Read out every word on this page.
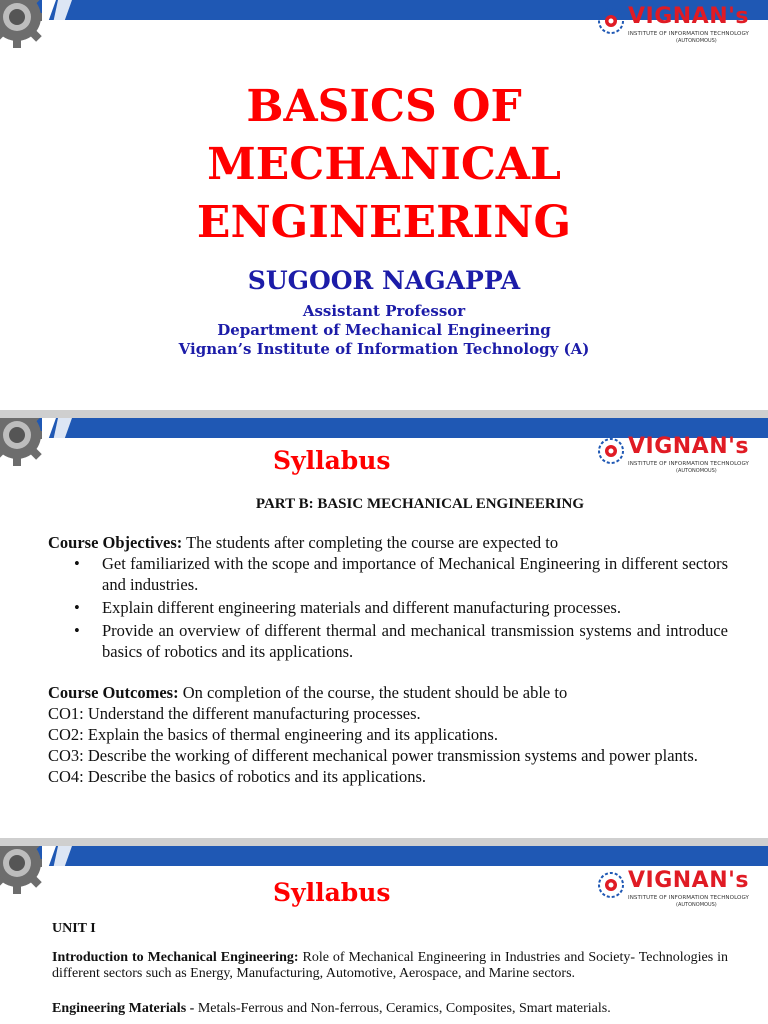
VIGNAN's
INSTITUTE OF INFORMATION TECHNOLOGY
(AUTONOMOUS)
BASICS OF
MECHANICAL
ENGINEERING
SUGOOR NAGAPPA
Assistant Professor
Department of Mechanical Engineering
Vignan’s Institute of Information Technology (A)
VIGNAN's
INSTITUTE OF INFORMATION TECHNOLOGY
(AUTONOMOUS)
Syllabus
PART B: BASIC MECHANICAL ENGINEERING
Course Objectives: The students after completing the course are expected to
• Get familiarized with the scope and importance of Mechanical Engineering in different sectors and industries.
• Explain different engineering materials and different manufacturing processes.
• Provide an overview of different thermal and mechanical transmission systems and introduce basics of robotics and its applications.
Course Outcomes: On completion of the course, the student should be able to
CO1: Understand the different manufacturing processes.
CO2: Explain the basics of thermal engineering and its applications.
CO3: Describe the working of different mechanical power transmission systems and power plants.
CO4: Describe the basics of robotics and its applications.
VIGNAN's
INSTITUTE OF INFORMATION TECHNOLOGY
(AUTONOMOUS)
Syllabus
UNIT I
Introduction to Mechanical Engineering: Role of Mechanical Engineering in Industries and Society- Technologies in different sectors such as Energy, Manufacturing, Automotive, Aerospace, and Marine sectors.
Engineering Materials - Metals-Ferrous and Non-ferrous, Ceramics, Composites, Smart materials.
